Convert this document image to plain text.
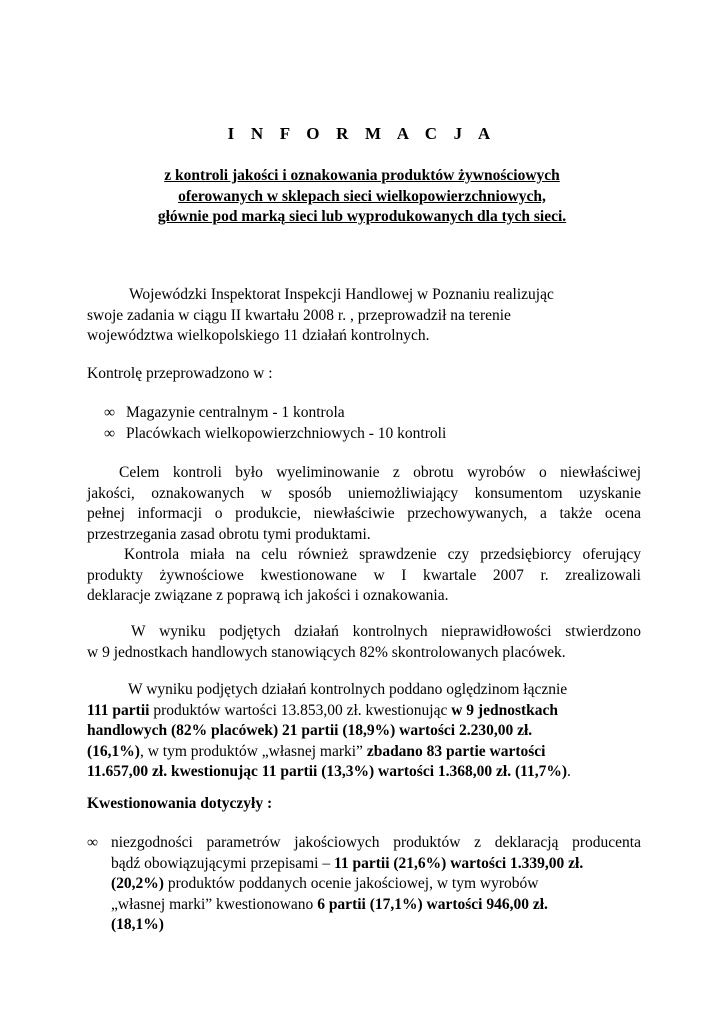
I N F O R M A C J A
z kontroli jakości i oznakowania produktów żywnościowych
oferowanych w sklepach sieci wielkopowierzchniowych,
głównie pod marką sieci lub wyprodukowanych dla tych sieci.
Wojewódzki Inspektorat Inspekcji Handlowej w Poznaniu realizując
swoje zadania w ciągu II kwartału 2008 r. , przeprowadził na terenie
województwa wielkopolskiego 11 działań kontrolnych.
Kontrolę przeprowadzono w :
∞ Magazynie centralnym - 1 kontrola
∞ Placówkach wielkopowierzchniowych - 10 kontroli
Celem kontroli było wyeliminowanie z obrotu wyrobów o niewłaściwej
jakości, oznakowanych w sposób uniemożliwiający konsumentom uzyskanie
pełnej informacji o produkcie, niewłaściwie przechowywanych, a także ocena
przestrzegania zasad obrotu tymi produktami.
Kontrola miała na celu również sprawdzenie czy przedsiębiorcy oferujący
produkty żywnościowe kwestionowane w I kwartale 2007 r. zrealizowali
deklaracje związane z poprawą ich jakości i oznakowania.
W wyniku podjętych działań kontrolnych nieprawidłowości stwierdzono
w 9 jednostkach handlowych stanowiących 82% skontrolowanych placówek.
W wyniku podjętych działań kontrolnych poddano oględzinom łącznie
111 partii produktów wartości 13.853,00 zł. kwestionując w 9 jednostkach
handlowych (82% placówek) 21 partii (18,9%) wartości 2.230,00 zł.
(16,1%), w tym produktów „własnej marki” zbadano 83 partie wartości
11.657,00 zł. kwestionując 11 partii (13,3%) wartości 1.368,00 zł. (11,7%).
Kwestionowania dotyczyły :
∞ niezgodności parametrów jakościowych produktów z deklaracją producenta
bądź obowiązującymi przepisami – 11 partii (21,6%) wartości 1.339,00 zł.
(20,2%) produktów poddanych ocenie jakościowej, w tym wyrobów
„własnej marki” kwestionowano 6 partii (17,1%) wartości 946,00 zł.
(18,1%)
